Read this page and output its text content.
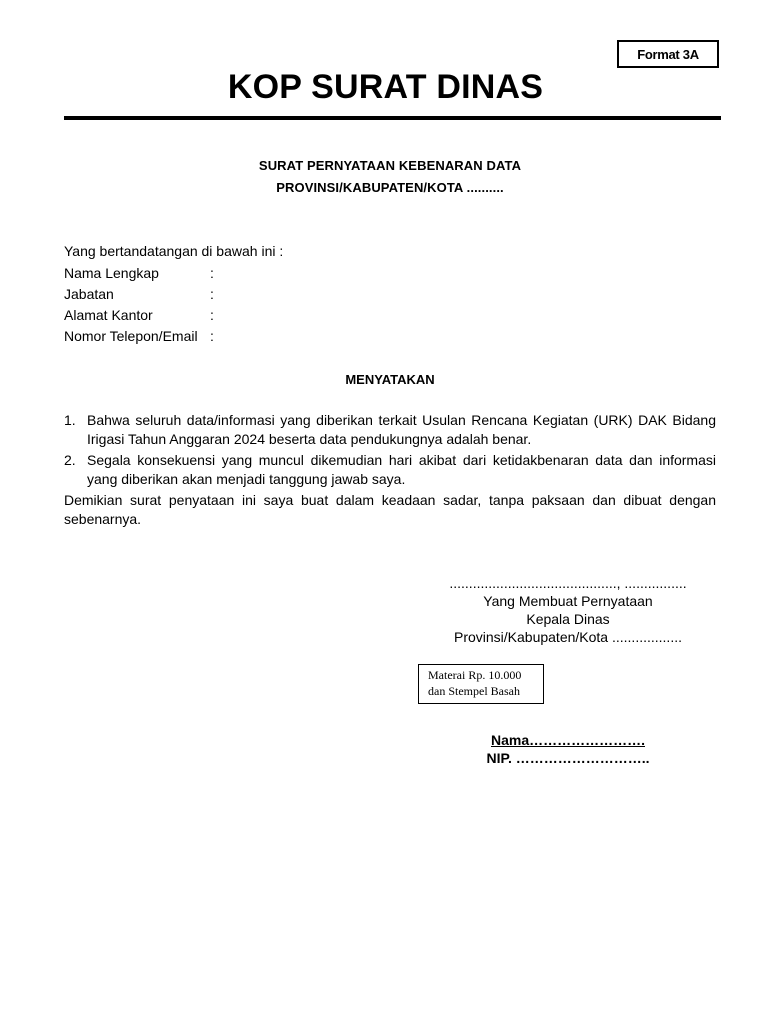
Format 3A
KOP SURAT DINAS
SURAT PERNYATAAN KEBENARAN DATA
PROVINSI/KABUPATEN/KOTA ..........
Yang bertandatangan di bawah ini :
Nama Lengkap	:
Jabatan	:
Alamat Kantor	:
Nomor Telepon/Email :
MENYATAKAN
1. Bahwa seluruh data/informasi yang diberikan terkait Usulan Rencana Kegiatan (URK) DAK Bidang Irigasi Tahun Anggaran 2024 beserta data pendukungnya adalah benar.
2. Segala konsekuensi yang muncul dikemudian hari akibat dari ketidakbenaran data dan informasi yang diberikan akan menjadi tanggung jawab saya.
Demikian surat penyataan ini saya buat dalam keadaan sadar, tanpa paksaan dan dibuat dengan sebenarnya.
..........................................., ................
Yang Membuat Pernyataan
Kepala Dinas
Provinsi/Kabupaten/Kota ..................
Materai Rp. 10.000
dan Stempel Basah
Nama…………………….
NIP. ………………………..
